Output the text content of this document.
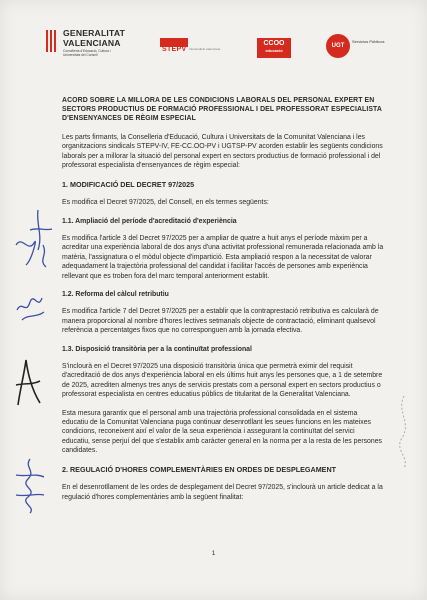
GENERALITAT VALENCIANA
Conselleria d'Educació, Cultura i Universitats del Consell
STEPV Intersindical valenciana
CCOO
educació
UGT
Servicios Públicos
ACORD SOBRE LA MILLORA DE LES CONDICIONS LABORALS DEL PERSONAL EXPERT EN SECTORS PRODUCTIUS DE FORMACIÓ PROFESSIONAL I DEL PROFESSORAT ESPECIALISTA D'ENSENYANCES DE RÈGIM ESPECIAL
Les parts firmants, la Conselleria d'Educació, Cultura i Universitats de la Comunitat Valenciana i les organitzacions sindicals STEPV-IV, FE-CC.OO-PV i UGTSP-PV acorden establir les següents condicions laborals per a millorar la situació del personal expert en sectors productius de formació professional i del professorat especialista d'ensenyances de règim especial:
1. MODIFICACIÓ DEL DECRET 97/2025
Es modifica el Decret 97/2025, del Consell, en els termes següents:
1.1. Ampliació del període d'acreditació d'experiència
Es modifica l'article 3 del Decret 97/2025 per a ampliar de quatre a huit anys el període màxim per a acreditar una experiència laboral de dos anys d'una activitat professional remunerada relacionada amb la matèria, l'assignatura o el mòdul objecte d'impartició. Esta ampliació respon a la necessitat de valorar adequadament la trajectòria professional del candidat i facilitar l'accés de persones amb experiència rellevant que es troben fora del marc temporal anteriorment establit.
1.2. Reforma del càlcul retributiu
Es modifica l'article 7 del Decret 97/2025 per a establir que la contraprestació retributiva es calcularà de manera proporcional al nombre d'hores lectives setmanals objecte de contractació, eliminant qualsevol referència a percentatges fixos que no corresponguen amb la jornada efectiva.
1.3. Disposició transitòria per a la continuïtat professional
S'inclourà en el Decret 97/2025 una disposició transitòria única que permetrà eximir del requisit d'acreditació de dos anys d'experiència laboral en els últims huit anys les persones que, a 1 de setembre de 2025, acrediten almenys tres anys de servicis prestats com a personal expert en sectors productius o professorat especialista en centres educatius públics de titularitat de la Generalitat Valenciana.
Esta mesura garantix que el personal amb una trajectòria professional consolidada en el sistema educatiu de la Comunitat Valenciana puga continuar desenrotllant les seues funcions en les mateixes condicions, reconeixent així el valor de la seua experiència i assegurant la continuïtat del servici educatiu, sense perjuí del que s'establix amb caràcter general en la norma per a la resta de les persones candidates.
2. REGULACIÓ D'HORES COMPLEMENTÀRIES EN ORDES DE DESPLEGAMENT
En el desenrotllament de les ordes de desplegament del Decret 97/2025, s'inclourà un article dedicat a la regulació d'hores complementàries amb la següent finalitat:
1
